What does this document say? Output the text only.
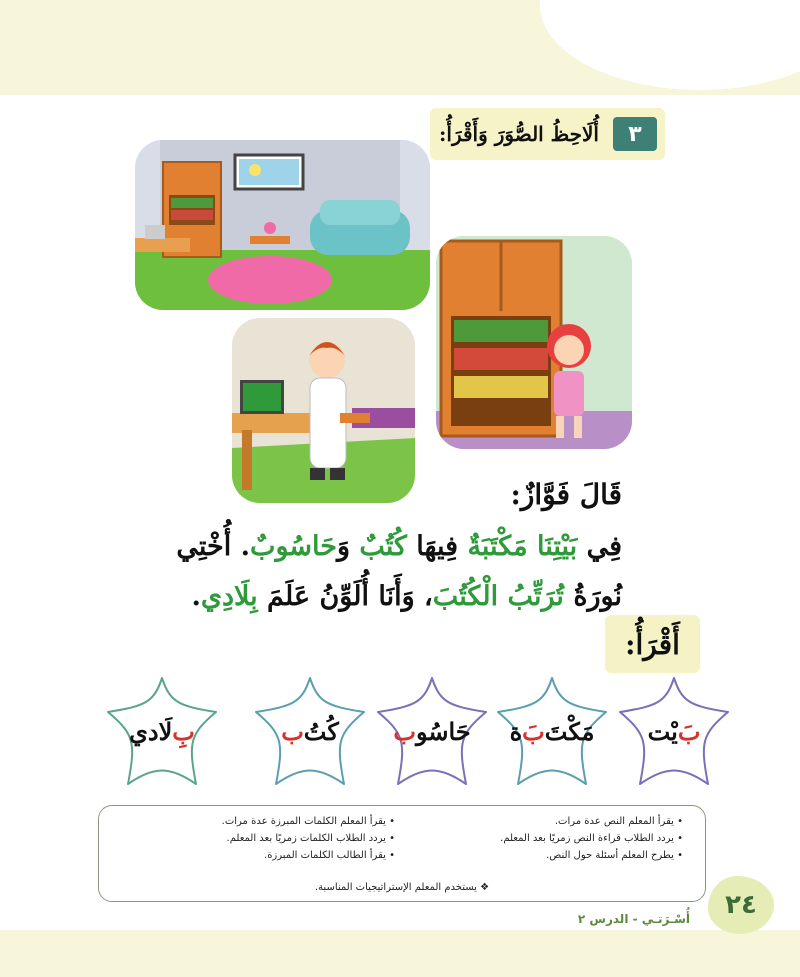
٣
أُلَاحِظُ الصُّوَرَ وَأَقْرَأُ:
قَالَ فَوَّازٌ:
فِي بَيْتِنَا مَكْتَبَةٌ فِيهَا كُتُبٌ وَحَاسُوبٌ. أُخْتِي نُورَةُ تُرَتِّبُ الْكُتُبَ، وَأَنَا أُلَوِّنُ عَلَمَ بِلَادِي.
أَقْرَأُ:
بَ
يْت
مَكْتَ
بَ
ة
حَاسُو
ب
كُتُ
ب
بِ
لَادي
• يقرأ المعلم النص عدة مرات.
• يردد الطلاب قراءة النص زمريًا بعد المعلم.
• يطرح المعلم أسئلة حول النص.
• يقرأ المعلم الكلمات المبرزة عدة مرات.
• يردد الطلاب الكلمات زمريًا بعد المعلم.
• يقرأ الطالب الكلمات المبرزة.
❖ يستخدم المعلم الإستراتيجيات المناسبة.
٢٤
أُسْـرَتـي - الدرس ٢
